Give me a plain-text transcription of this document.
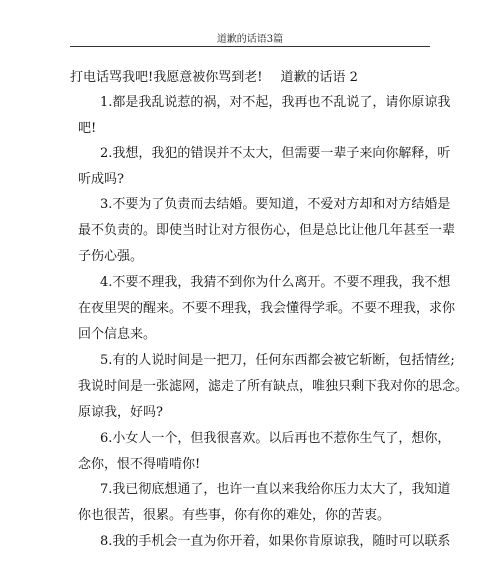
道歉的话语3篇
打电话骂我吧!我愿意被你骂到老! 道歉的话语 2
1.都是我乱说惹的祸，对不起，我再也不乱说了，请你原谅我
吧!
2.我想，我犯的错误并不太大，但需要一辈子来向你解释，听
听成吗?
3.不要为了负责而去结婚。要知道，不爱对方却和对方结婚是
最不负责的。即使当时让对方很伤心，但是总比让他几年甚至一辈
子伤心强。
4.不要不理我，我猜不到你为什么离开。不要不理我，我不想
在夜里哭的醒来。不要不理我，我会懂得学乖。不要不理我，求你
回个信息来。
5.有的人说时间是一把刀，任何东西都会被它斩断，包括情丝;
我说时间是一张滤网，滤走了所有缺点，唯独只剩下我对你的思念。
原谅我，好吗?
6.小女人一个，但我很喜欢。以后再也不惹你生气了，想你，
念你，恨不得啃啃你!
7.我已彻底想通了，也许一直以来我给你压力太大了，我知道
你也很苦，很累。有些事，你有你的难处，你的苦衷。
8.我的手机会一直为你开着，如果你肯原谅我，随时可以联系
